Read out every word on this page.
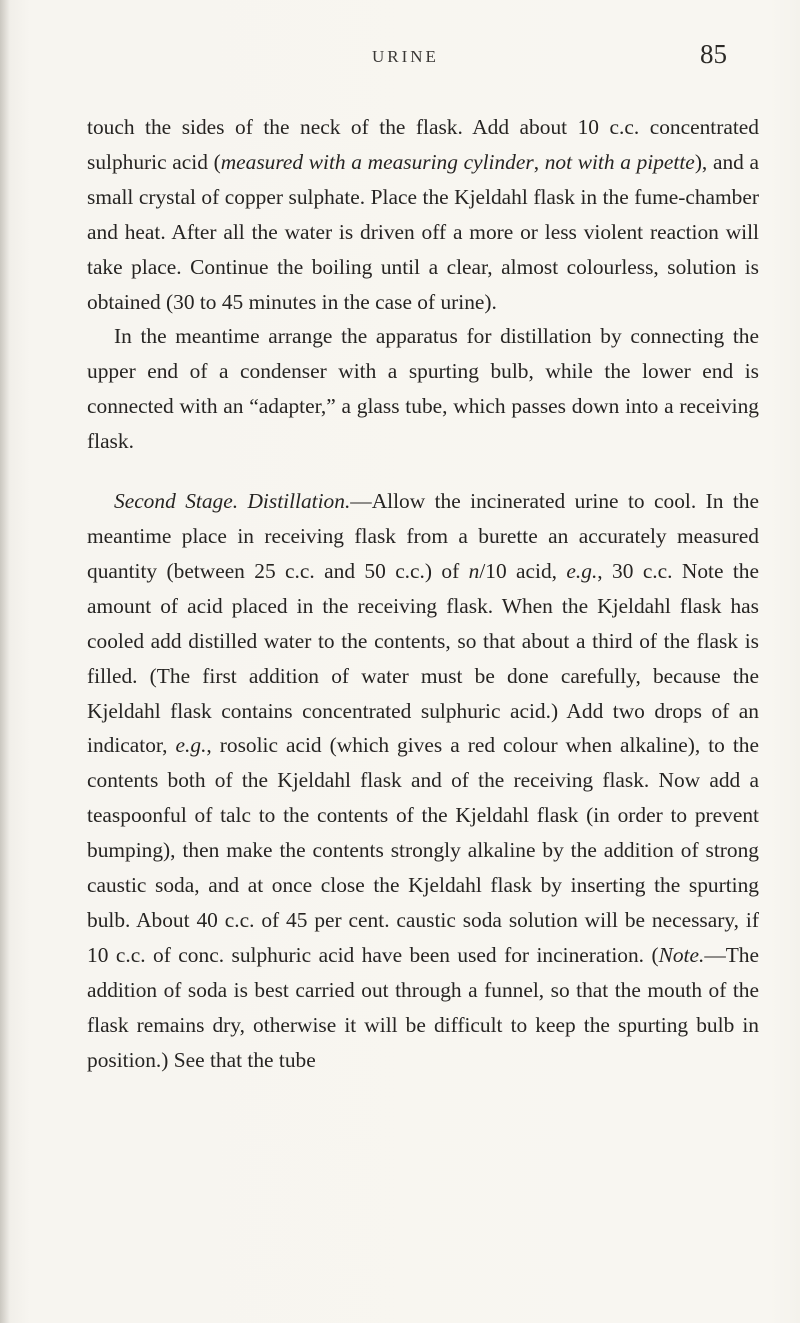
URINE	85

touch the sides of the neck of the flask. Add about 10 c.c. concentrated sulphuric acid (measured with a measuring cylinder, not with a pipette), and a small crystal of copper sulphate. Place the Kjeldahl flask in the fume-chamber and heat. After all the water is driven off a more or less violent reaction will take place. Continue the boiling until a clear, almost colourless, solution is obtained (30 to 45 minutes in the case of urine).

In the meantime arrange the apparatus for distillation by connecting the upper end of a condenser with a spurting bulb, while the lower end is connected with an “adapter,” a glass tube, which passes down into a receiving flask.

Second Stage. Distillation.—Allow the incinerated urine to cool. In the meantime place in receiving flask from a burette an accurately measured quantity (between 25 c.c. and 50 c.c.) of n/10 acid, e.g., 30 c.c. Note the amount of acid placed in the receiving flask. When the Kjeldahl flask has cooled add distilled water to the contents, so that about a third of the flask is filled. (The first addition of water must be done carefully, because the Kjeldahl flask contains concentrated sulphuric acid.) Add two drops of an indicator, e.g., rosolic acid (which gives a red colour when alkaline), to the contents both of the Kjeldahl flask and of the receiving flask. Now add a teaspoonful of talc to the contents of the Kjeldahl flask (in order to prevent bumping), then make the contents strongly alkaline by the addition of strong caustic soda, and at once close the Kjeldahl flask by inserting the spurting bulb. About 40 c.c. of 45 per cent. caustic soda solution will be necessary, if 10 c.c. of conc. sulphuric acid have been used for incineration. (Note.—The addition of soda is best carried out through a funnel, so that the mouth of the flask remains dry, otherwise it will be difficult to keep the spurting bulb in position.) See that the tube
